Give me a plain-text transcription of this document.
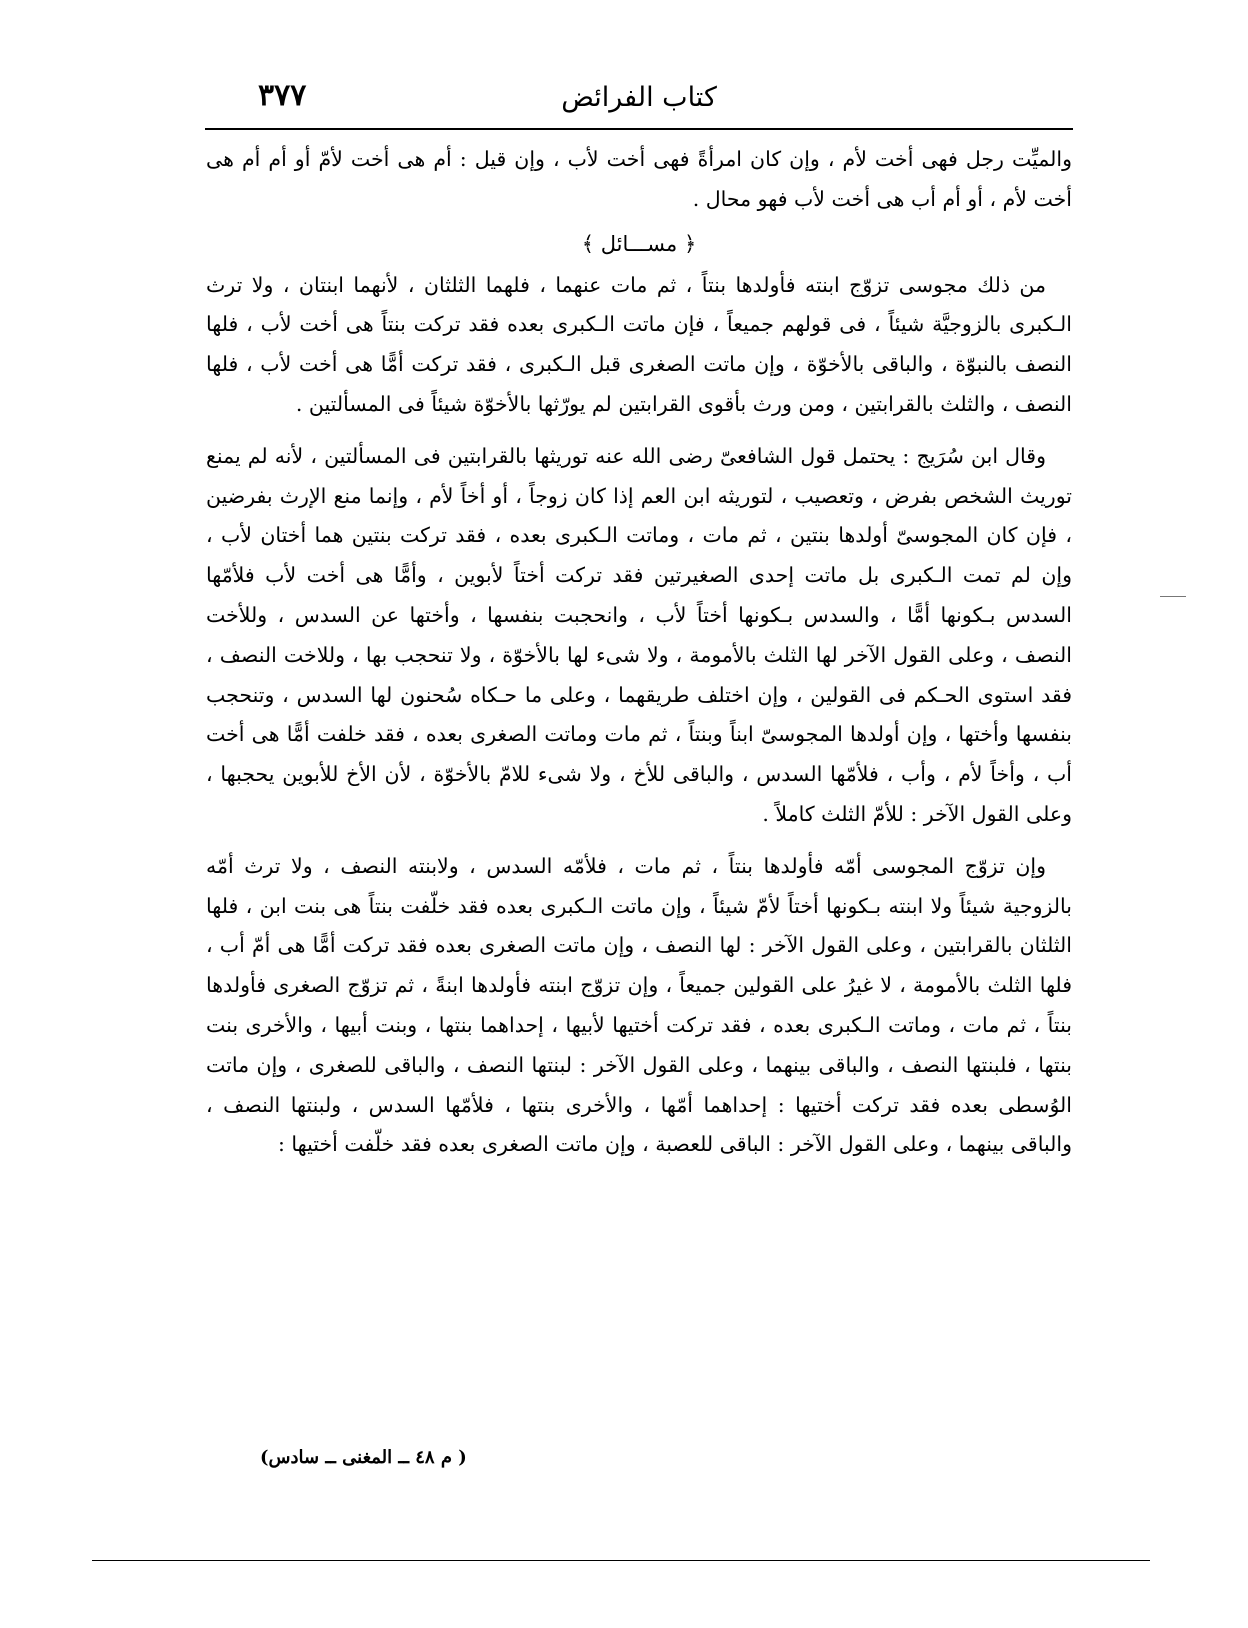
كتاب الفرائض
٣٧٧

والميِّت رجل فهى أخت لأم ، وإن كان امرأةً فهى أخت لأب ، وإن قيل : أم هى أخت لأمّ أو أم أم هى أخت لأم ، أو أم أب هى أخت لأب فهو محال .

﴿ مســـائل ﴾

من ذلك مجوسى تزوّج ابنته فأولدها بنتاً ، ثم مات عنهما ، فلهما الثلثان ، لأنهما ابنتان ، ولا ترث الـكبرى بالزوجيَّة شيئاً ، فى قولهم جميعاً ، فإن ماتت الـكبرى بعده فقد تركت بنتاً هى أخت لأب ، فلها النصف بالنبوّة ، والباقى بالأخوّة ، وإن ماتت الصغرى قبل الـكبرى ، فقد تركت أمًّا هى أخت لأب ، فلها النصف ، والثلث بالقرابتين ، ومن ورث بأقوى القرابتين لم يورّثها بالأخوّة شيئاً فى المسألتين .

وقال ابن سُرَيج : يحتمل قول الشافعىّ رضى الله عنه توريثها بالقرابتين فى المسألتين ، لأنه لم يمنع توريث الشخص بفرض ، وتعصيب ، لتوريثه ابن العم إذا كان زوجاً ، أو أخاً لأم ، وإنما منع الإرث بفرضين ، فإن كان المجوسىّ أولدها بنتين ، ثم مات ، وماتت الـكبرى بعده ، فقد تركت بنتين هما أختان لأب ، وإن لم تمت الـكبرى بل ماتت إحدى الصغيرتين فقد تركت أختاً لأبوين ، وأمًّا هى أخت لأب فلأمّها السدس بـكونها أمًّا ، والسدس بـكونها أختاً لأب ، وانحجبت بنفسها ، وأختها عن السدس ، وللأخت النصف ، وعلى القول الآخر لها الثلث بالأمومة ، ولا شىء لها بالأخوّة ، ولا تنحجب بها ، وللاخت النصف ، فقد استوى الحـكم فى القولين ، وإن اختلف طريقهما ، وعلى ما حـكاه سُحنون لها السدس ، وتنحجب بنفسها وأختها ، وإن أولدها المجوسىّ ابناً وبنتاً ، ثم مات وماتت الصغرى بعده ، فقد خلفت أمًّا هى أخت أب ، وأخاً لأم ، وأب ، فلأمّها السدس ، والباقى للأخ ، ولا شىء للامّ بالأخوّة ، لأن الأخ للأبوين يحجبها ، وعلى القول الآخر : للأمّ الثلث كاملاً .

وإن تزوّج المجوسى أمّه فأولدها بنتاً ، ثم مات ، فلأمّه السدس ، ولابنته النصف ، ولا ترث أمّه بالزوجية شيئاً ولا ابنته بـكونها أختاً لأمّ شيئاً ، وإن ماتت الـكبرى بعده فقد خلّفت بنتاً هى بنت ابن ، فلها الثلثان بالقرابتين ، وعلى القول الآخر : لها النصف ، وإن ماتت الصغرى بعده فقد تركت أمًّا هى أمّ أب ، فلها الثلث بالأمومة ، لا غيرُ على القولين جميعاً ، وإن تزوّج ابنته فأولدها ابنةً ، ثم تزوّج الصغرى فأولدها بنتاً ، ثم مات ، وماتت الـكبرى بعده ، فقد تركت أختيها لأبيها ، إحداهما بنتها ، وبنت أبيها ، والأخرى بنت بنتها ، فلبنتها النصف ، والباقى بينهما ، وعلى القول الآخر : لبنتها النصف ، والباقى للصغرى ، وإن ماتت الوُسطى بعده فقد تركت أختيها : إحداهما أمّها ، والأخرى بنتها ، فلأمّها السدس ، ولبنتها النصف ، والباقى بينهما ، وعلى القول الآخر : الباقى للعصبة ، وإن ماتت الصغرى بعده فقد خلّفت أختيها :

( م ٤٨ ــ المغنى ــ سادس)
